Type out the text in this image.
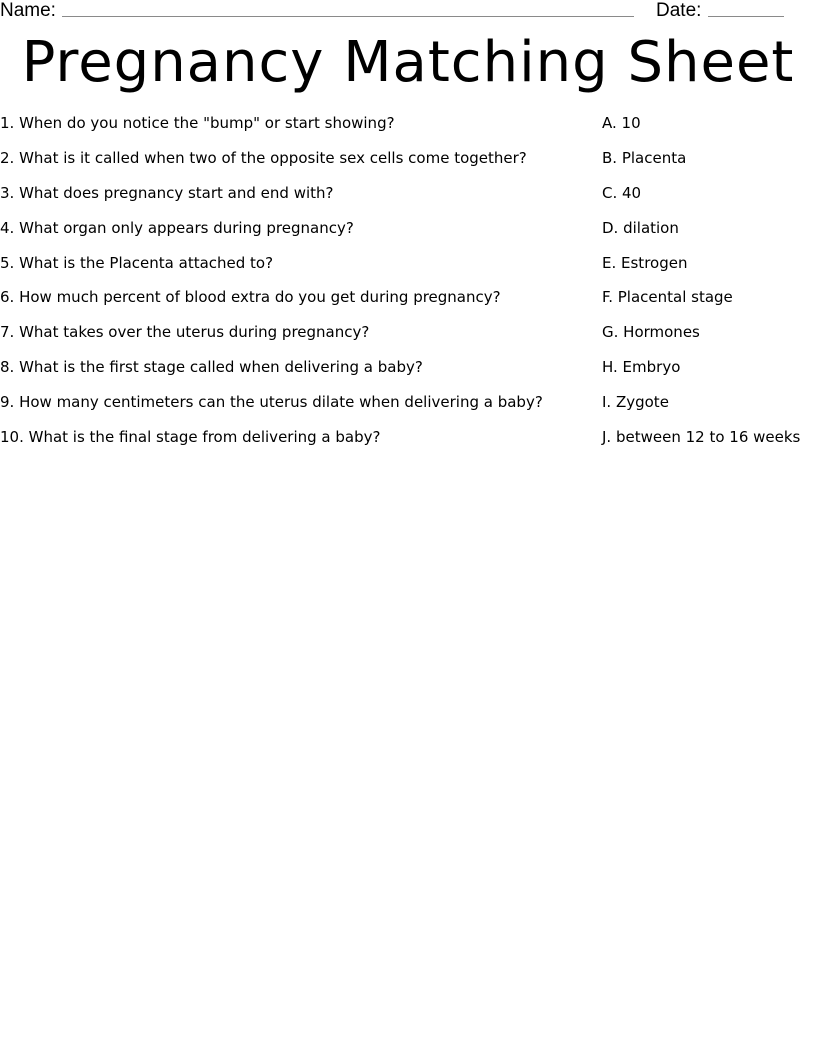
Name:	Date:
Pregnancy Matching Sheet
1. When do you notice the "bump" or start showing?
2. What is it called when two of the opposite sex cells come together?
3. What does pregnancy start and end with?
4. What organ only appears during pregnancy?
5. What is the Placenta attached to?
6. How much percent of blood extra do you get during pregnancy?
7. What takes over the uterus during pregnancy?
8. What is the first stage called when delivering a baby?
9. How many centimeters can the uterus dilate when delivering a baby?
10. What is the final stage from delivering a baby?
A. 10
B. Placenta
C. 40
D. dilation
E. Estrogen
F. Placental stage
G. Hormones
H. Embryo
I. Zygote
J. between 12 to 16 weeks
